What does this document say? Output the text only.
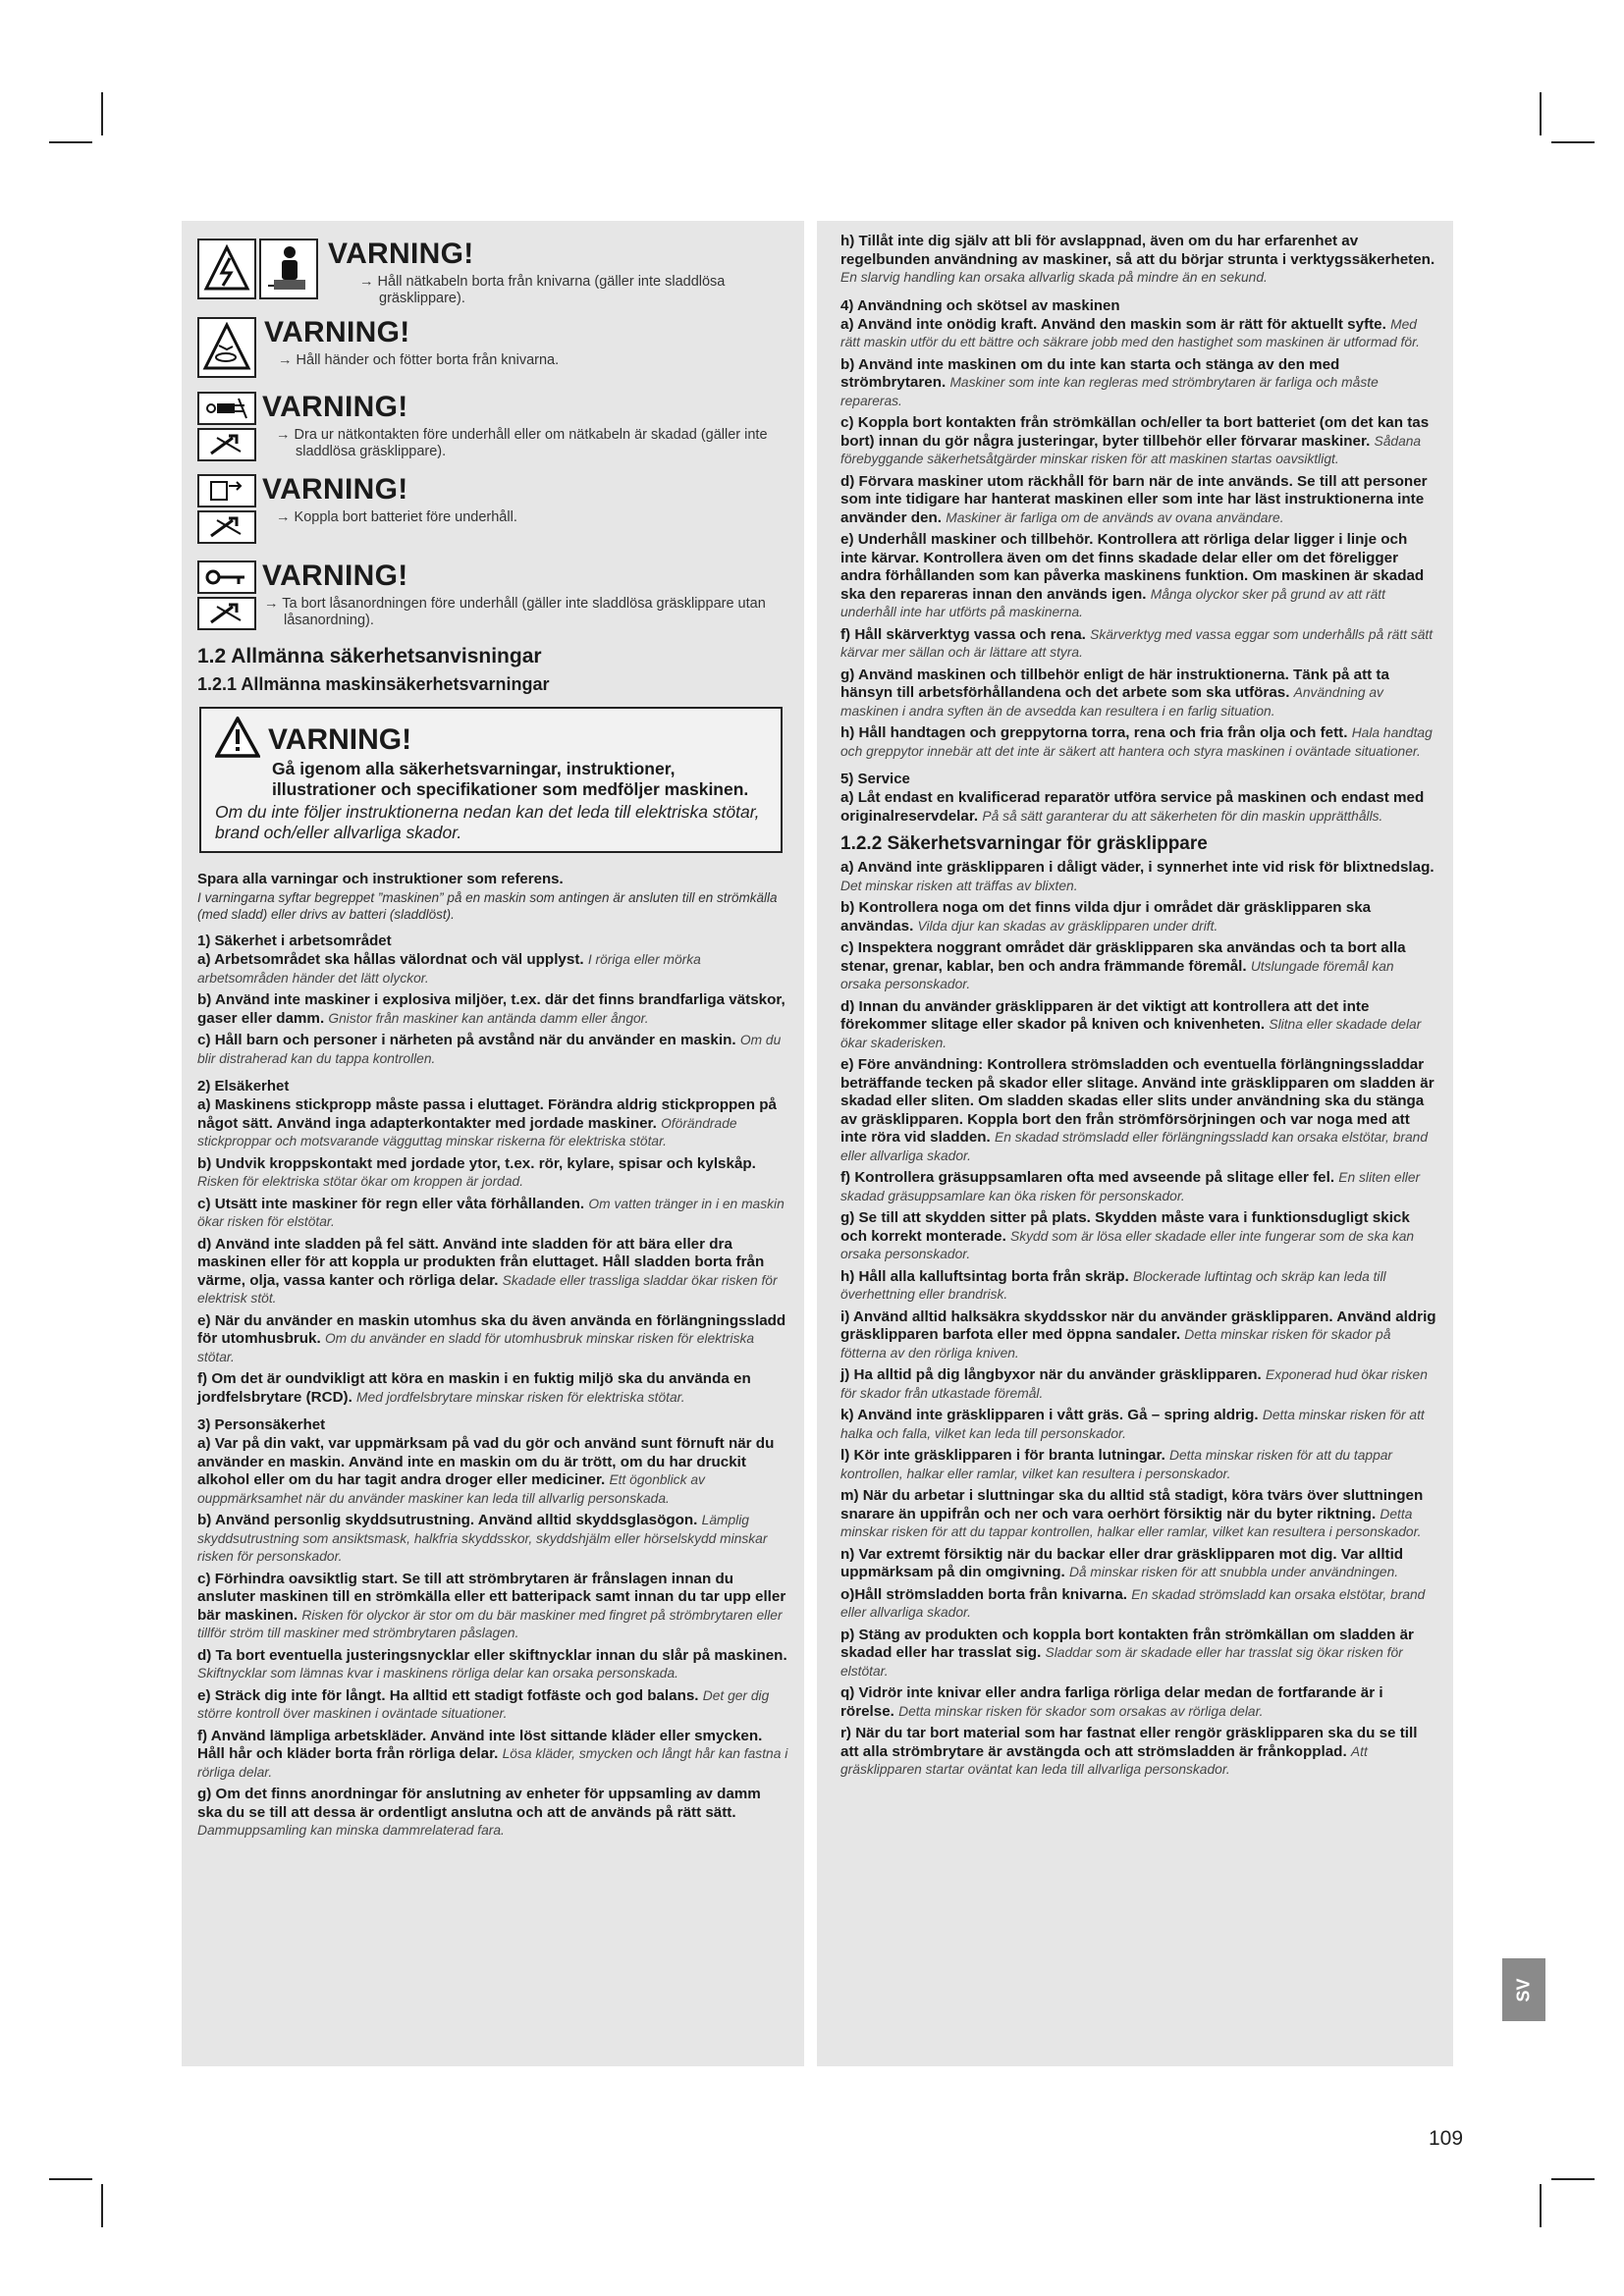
VARNING!
→ Håll nätkabeln borta från knivarna (gäller inte sladdlösa gräsklippare).
VARNING!
→ Håll händer och fötter borta från knivarna.
VARNING!
→ Dra ur nätkontakten före underhåll eller om nätkabeln är skadad (gäller inte sladdlösa gräsklippare).
VARNING!
→ Koppla bort batteriet före underhåll.
VARNING!
→ Ta bort låsanordningen före underhåll (gäller inte sladdlösa gräsklippare utan låsanordning).
1.2 Allmänna säkerhetsanvisningar
1.2.1 Allmänna maskinsäkerhetsvarningar
VARNING!
Gå igenom alla säkerhetsvarningar, instruktioner, illustrationer och specifikationer som medföljer maskinen.
Om du inte följer instruktionerna nedan kan det leda till elektriska stötar, brand och/eller allvarliga skador.
Spara alla varningar och instruktioner som referens.
I varningarna syftar begreppet ”maskinen” på en maskin som antingen är ansluten till en strömkälla (med sladd) eller drivs av batteri (sladdlöst).
1) Säkerhet i arbetsområdet
a) Arbetsområdet ska hållas välordnat och väl upplyst. I röriga eller mörka arbetsområden händer det lätt olyckor.
b) Använd inte maskiner i explosiva miljöer, t.ex. där det finns brandfarliga vätskor, gaser eller damm. Gnistor från maskiner kan antända damm eller ångor.
c) Håll barn och personer i närheten på avstånd när du använder en maskin. Om du blir distraherad kan du tappa kontrollen.
2) Elsäkerhet
a) Maskinens stickpropp måste passa i eluttaget. Förändra aldrig stickproppen på något sätt. Använd inga adapterkontakter med jordade maskiner. Oförändrade stickproppar och motsvarande vägguttag minskar riskerna för elektriska stötar.
b) Undvik kroppskontakt med jordade ytor, t.ex. rör, kylare, spisar och kylskåp. Risken för elektriska stötar ökar om kroppen är jordad.
c) Utsätt inte maskiner för regn eller våta förhållanden. Om vatten tränger in i en maskin ökar risken för elstötar.
d) Använd inte sladden på fel sätt. Använd inte sladden för att bära eller dra maskinen eller för att koppla ur produkten från eluttaget. Håll sladden borta från värme, olja, vassa kanter och rörliga delar. Skadade eller trassliga sladdar ökar risken för elektrisk stöt.
e) När du använder en maskin utomhus ska du även använda en förlängningssladd för utomhusbruk. Om du använder en sladd för utomhusbruk minskar risken för elektriska stötar.
f) Om det är oundvikligt att köra en maskin i en fuktig miljö ska du använda en jordfelsbrytare (RCD). Med jordfelsbrytare minskar risken för elektriska stötar.
3) Personsäkerhet
a) Var på din vakt, var uppmärksam på vad du gör och använd sunt förnuft när du använder en maskin. Använd inte en maskin om du är trött, om du har druckit alkohol eller om du har tagit andra droger eller mediciner. Ett ögonblick av ouppmärksamhet när du använder maskiner kan leda till allvarlig personskada.
b) Använd personlig skyddsutrustning. Använd alltid skyddsglasögon. Lämplig skyddsutrustning som ansiktsmask, halkfria skyddsskor, skyddshjälm eller hörselskydd minskar risken för personskador.
c) Förhindra oavsiktlig start. Se till att strömbrytaren är frånslagen innan du ansluter maskinen till en strömkälla eller ett batteripack samt innan du tar upp eller bär maskinen. Risken för olyckor är stor om du bär maskiner med fingret på strömbrytaren eller tillför ström till maskiner med strömbrytaren påslagen.
d) Ta bort eventuella justeringsnycklar eller skiftnycklar innan du slår på maskinen. Skiftnycklar som lämnas kvar i maskinens rörliga delar kan orsaka personskada.
e) Sträck dig inte för långt. Ha alltid ett stadigt fotfäste och god balans. Det ger dig större kontroll över maskinen i oväntade situationer.
f) Använd lämpliga arbetskläder. Använd inte löst sittande kläder eller smycken. Håll hår och kläder borta från rörliga delar. Lösa kläder, smycken och långt hår kan fastna i rörliga delar.
g) Om det finns anordningar för anslutning av enheter för uppsamling av damm ska du se till att dessa är ordentligt anslutna och att de används på rätt sätt. Dammuppsamling kan minska dammrelaterad fara.
h) Tillåt inte dig själv att bli för avslappnad, även om du har erfarenhet av regelbunden användning av maskiner, så att du börjar strunta i verktygssäkerheten. En slarvig handling kan orsaka allvarlig skada på mindre än en sekund.
4) Användning och skötsel av maskinen
a) Använd inte onödig kraft. Använd den maskin som är rätt för aktuellt syfte. Med rätt maskin utför du ett bättre och säkrare jobb med den hastighet som maskinen är utformad för.
b) Använd inte maskinen om du inte kan starta och stänga av den med strömbrytaren. Maskiner som inte kan regleras med strömbrytaren är farliga och måste repareras.
c) Koppla bort kontakten från strömkällan och/eller ta bort batteriet (om det kan tas bort) innan du gör några justeringar, byter tillbehör eller förvarar maskiner. Sådana förebyggande säkerhetsåtgärder minskar risken för att maskinen startas oavsiktligt.
d) Förvara maskiner utom räckhåll för barn när de inte används. Se till att personer som inte tidigare har hanterat maskinen eller som inte har läst instruktionerna inte använder den. Maskiner är farliga om de används av ovana användare.
e) Underhåll maskiner och tillbehör. Kontrollera att rörliga delar ligger i linje och inte kärvar. Kontrollera även om det finns skadade delar eller om det föreligger andra förhållanden som kan påverka maskinens funktion. Om maskinen är skadad ska den repareras innan den används igen. Många olyckor sker på grund av att rätt underhåll inte har utförts på maskinerna.
f) Håll skärverktyg vassa och rena. Skärverktyg med vassa eggar som underhålls på rätt sätt kärvar mer sällan och är lättare att styra.
g) Använd maskinen och tillbehör enligt de här instruktionerna. Tänk på att ta hänsyn till arbetsförhållandena och det arbete som ska utföras. Användning av maskinen i andra syften än de avsedda kan resultera i en farlig situation.
h) Håll handtagen och greppytorna torra, rena och fria från olja och fett. Hala handtag och greppytor innebär att det inte är säkert att hantera och styra maskinen i oväntade situationer.
5) Service
a) Låt endast en kvalificerad reparatör utföra service på maskinen och endast med originalreservdelar. På så sätt garanterar du att säkerheten för din maskin upprätthålls.
1.2.2 Säkerhetsvarningar för gräsklippare
a) Använd inte gräsklipparen i dåligt väder, i synnerhet inte vid risk för blixtnedslag. Det minskar risken att träffas av blixten.
b) Kontrollera noga om det finns vilda djur i området där gräsklipparen ska användas. Vilda djur kan skadas av gräsklipparen under drift.
c) Inspektera noggrant området där gräsklipparen ska användas och ta bort alla stenar, grenar, kablar, ben och andra främmande föremål. Utslungade föremål kan orsaka personskador.
d) Innan du använder gräsklipparen är det viktigt att kontrollera att det inte förekommer slitage eller skador på kniven och knivenheten. Slitna eller skadade delar ökar skaderisken.
e) Före användning: Kontrollera strömsladden och eventuella förlängningssladdar beträffande tecken på skador eller slitage. Använd inte gräsklipparen om sladden är skadad eller sliten. Om sladden skadas eller slits under användning ska du stänga av gräsklipparen. Koppla bort den från strömförsörjningen och var noga med att inte röra vid sladden. En skadad strömsladd eller förlängningssladd kan orsaka elstötar, brand eller allvarliga skador.
f) Kontrollera gräsuppsamlaren ofta med avseende på slitage eller fel. En sliten eller skadad gräsuppsamlare kan öka risken för personskador.
g) Se till att skydden sitter på plats. Skydden måste vara i funktionsdugligt skick och korrekt monterade. Skydd som är lösa eller skadade eller inte fungerar som de ska kan orsaka personskador.
h) Håll alla kalluftsintag borta från skräp. Blockerade luftintag och skräp kan leda till överhettning eller brandrisk.
i) Använd alltid halksäkra skyddsskor när du använder gräsklipparen. Använd aldrig gräsklipparen barfota eller med öppna sandaler. Detta minskar risken för skador på fötterna av den rörliga kniven.
j) Ha alltid på dig långbyxor när du använder gräsklipparen. Exponerad hud ökar risken för skador från utkastade föremål.
k) Använd inte gräsklipparen i vått gräs. Gå – spring aldrig. Detta minskar risken för att halka och falla, vilket kan leda till personskador.
l) Kör inte gräsklipparen i för branta lutningar. Detta minskar risken för att du tappar kontrollen, halkar eller ramlar, vilket kan resultera i personskador.
m) När du arbetar i sluttningar ska du alltid stå stadigt, köra tvärs över sluttningen snarare än uppifrån och ner och vara oerhört försiktig när du byter riktning. Detta minskar risken för att du tappar kontrollen, halkar eller ramlar, vilket kan resultera i personskador.
n) Var extremt försiktig när du backar eller drar gräsklipparen mot dig. Var alltid uppmärksam på din omgivning. Då minskar risken för att snubbla under användningen.
o)Håll strömsladden borta från knivarna. En skadad strömsladd kan orsaka elstötar, brand eller allvarliga skador.
p) Stäng av produkten och koppla bort kontakten från strömkällan om sladden är skadad eller har trasslat sig. Sladdar som är skadade eller har trasslat sig ökar risken för elstötar.
q) Vidrör inte knivar eller andra farliga rörliga delar medan de fortfarande är i rörelse. Detta minskar risken för skador som orsakas av rörliga delar.
r) När du tar bort material som har fastnat eller rengör gräsklipparen ska du se till att alla strömbrytare är avstängda och att strömsladden är frånkopplad. Att gräsklipparen startar oväntat kan leda till allvarliga personskador.
SV
109
